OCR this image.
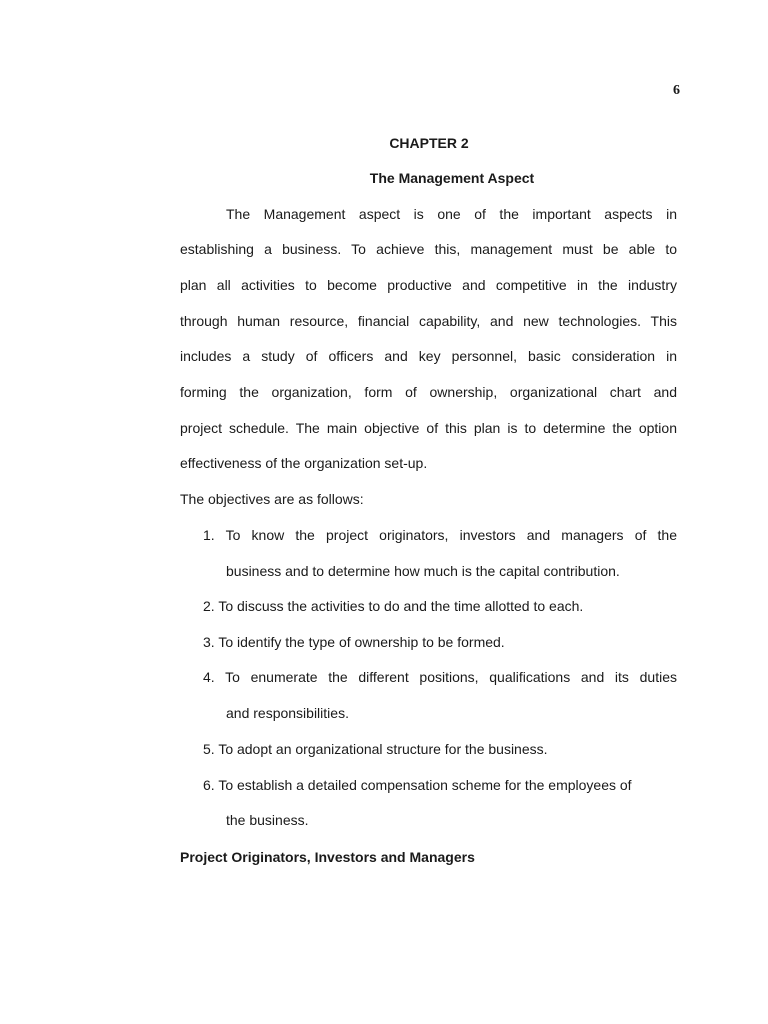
6
CHAPTER 2
The Management Aspect
The Management aspect is one of the important aspects in
establishing a business. To achieve this, management must be able to
plan all activities to become productive and competitive in the industry
through human resource, financial capability, and new technologies. This
includes a study of officers and key personnel, basic consideration in
forming the organization, form of ownership, organizational chart and
project schedule. The main objective of this plan is to determine the option
effectiveness of the organization set-up.
The objectives are as follows:
1. To know the project originators, investors and managers of the
business and to determine how much is the capital contribution.
2. To discuss the activities to do and the time allotted to each.
3. To identify the type of ownership to be formed.
4. To enumerate the different positions, qualifications and its duties
and responsibilities.
5. To adopt an organizational structure for the business.
6. To establish a detailed compensation scheme for the employees of
the business.
Project Originators, Investors and Managers
